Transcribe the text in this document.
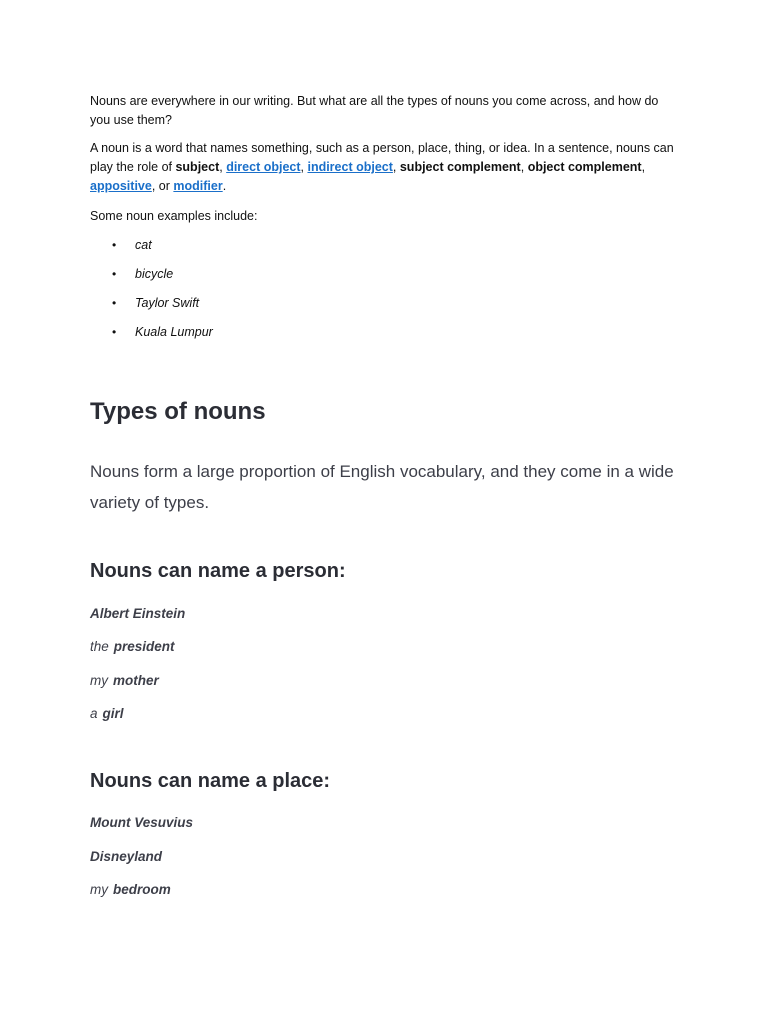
Nouns are everywhere in our writing. But what are all the types of nouns you come across, and how do you use them?

A noun is a word that names something, such as a person, place, thing, or idea. In a sentence, nouns can play the role of subject, direct object, indirect object, subject complement, object complement, appositive, or modifier.

Some noun examples include:

• cat
• bicycle
• Taylor Swift
• Kuala Lumpur
Types of nouns

Nouns form a large proportion of English vocabulary, and they come in a wide variety of types.

Nouns can name a person:

Albert Einstein

the president

my mother

a girl

Nouns can name a place:

Mount Vesuvius

Disneyland

my bedroom
